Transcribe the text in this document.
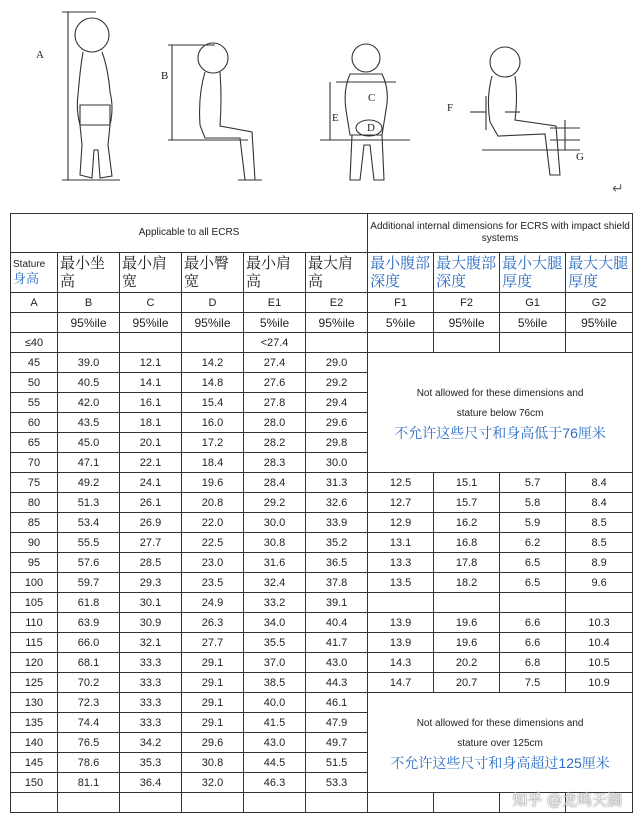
A
B
C
D
E
F
G
↵
Applicable to all ECRS						Additional internal dimensions for ECRS with impact shield systems			
Stature
身高	最小坐高	最小肩宽	最小臀宽	最小肩高	最大肩高	最小腹部深度	最大腹部深度	最小大腿厚度	最大大腿厚度
A	B	C	D	E1	E2	F1	F2	G1	G2
	95%ile	95%ile	95%ile	5%ile	95%ile	5%ile	95%ile	5%ile	95%ile
≤40				<27.4					
45	39.0	12.1	14.2	27.4	29.0	Not allowed for these dimensions and
stature below 76cm
不允许这些尺寸和身高低于76厘米			

50	40.5	14.1	14.8	27.6	29.2				
55	42.0	16.1	15.4	27.8	29.4				
60	43.5	18.1	16.0	28.0	29.6				
65	45.0	20.1	17.2	28.2	29.8				
70	47.1	22.1	18.4	28.3	30.0				
75	49.2	24.1	19.6	28.4	31.3	12.5	15.1	5.7	8.4
80	51.3	26.1	20.8	29.2	32.6	12.7	15.7	5.8	8.4
85	53.4	26.9	22.0	30.0	33.9	12.9	16.2	5.9	8.5
90	55.5	27.7	22.5	30.8	35.2	13.1	16.8	6.2	8.5
95	57.6	28.5	23.0	31.6	36.5	13.3	17.8	6.5	8.9
100	59.7	29.3	23.5	32.4	37.8	13.5	18.2	6.5	9.6
105	61.8	30.1	24.9	33.2	39.1				
110	63.9	30.9	26.3	34.0	40.4	13.9	19.6	6.6	10.3
115	66.0	32.1	27.7	35.5	41.7	13.9	19.6	6.6	10.4
120	68.1	33.3	29.1	37.0	43.0	14.3	20.2	6.8	10.5
125	70.2	33.3	29.1	38.5	44.3	14.7	20.7	7.5	10.9
130	72.3	33.3	29.1	40.0	46.1	Not allowed for these dimensions and
stature over 125cm
不允许这些尺寸和身高超过125厘米			

135	74.4	33.3	29.1	41.5	47.9				
140	76.5	34.2	29.6	43.0	49.7				
145	78.6	35.3	30.8	44.5	51.5				
150	81.1	36.4	32.0	46.3	53.3				

知乎 @龙鸣天澜
